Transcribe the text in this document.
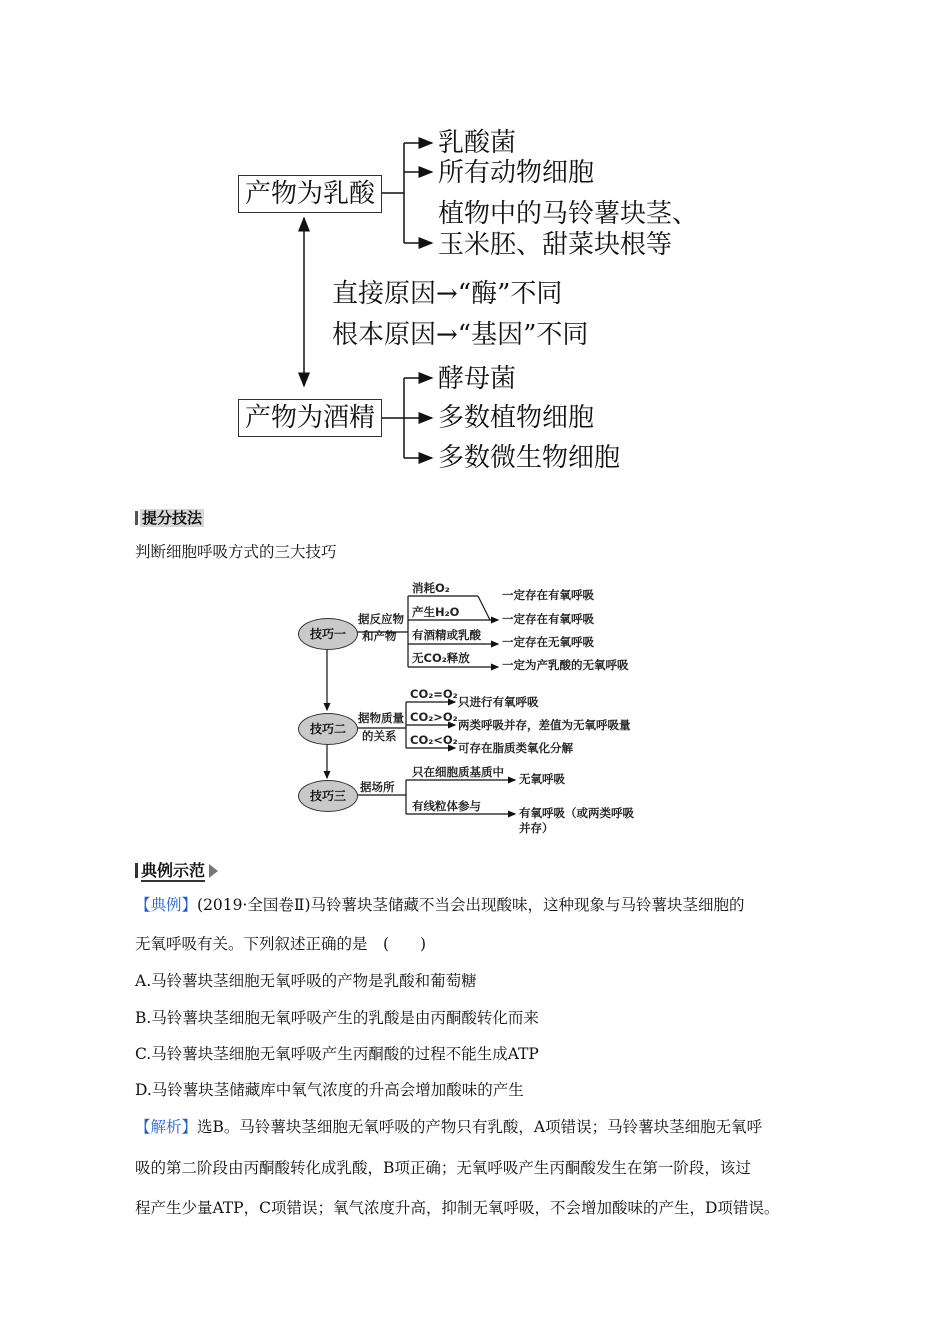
产物为乳酸
乳酸菌
所有动物细胞
植物中的马铃薯块茎、
玉米胚、甜菜块根等
直接原因→“酶”不同
根本原因→“基因”不同
产物为酒精
酵母菌
多数植物细胞
多数微生物细胞
提分技法
判断细胞呼吸方式的三大技巧
技巧一
据反应物
和产物
消耗O₂	一定存在有氧呼吸
产生H₂O	一定存在有氧呼吸
有酒精或乳酸 一定存在无氧呼吸
无CO₂释放	一定为产乳酸的无氧呼吸
技巧二
据物质量
的关系
CO₂=O₂
只进行有氧呼吸
CO₂>O₂
两类呼吸并存，差值为无氧呼吸量
CO₂<O₂
可存在脂质类氧化分解
技巧三
据场所
只在细胞质基质中 无氧呼吸
有线粒体参与	有氧呼吸（或两类呼吸
并存）
典例示范
【典例】(2019·全国卷Ⅱ)马铃薯块茎储藏不当会出现酸味，这种现象与马铃薯块茎细胞的
无氧呼吸有关。下列叙述正确的是　(　　)
A.马铃薯块茎细胞无氧呼吸的产物是乳酸和葡萄糖
B.马铃薯块茎细胞无氧呼吸产生的乳酸是由丙酮酸转化而来
C.马铃薯块茎细胞无氧呼吸产生丙酮酸的过程不能生成ATP
D.马铃薯块茎储藏库中氧气浓度的升高会增加酸味的产生
【解析】选B。马铃薯块茎细胞无氧呼吸的产物只有乳酸，A项错误；马铃薯块茎细胞无氧呼
吸的第二阶段由丙酮酸转化成乳酸，B项正确；无氧呼吸产生丙酮酸发生在第一阶段，该过
程产生少量ATP，C项错误；氧气浓度升高，抑制无氧呼吸，不会增加酸味的产生，D项错误。
